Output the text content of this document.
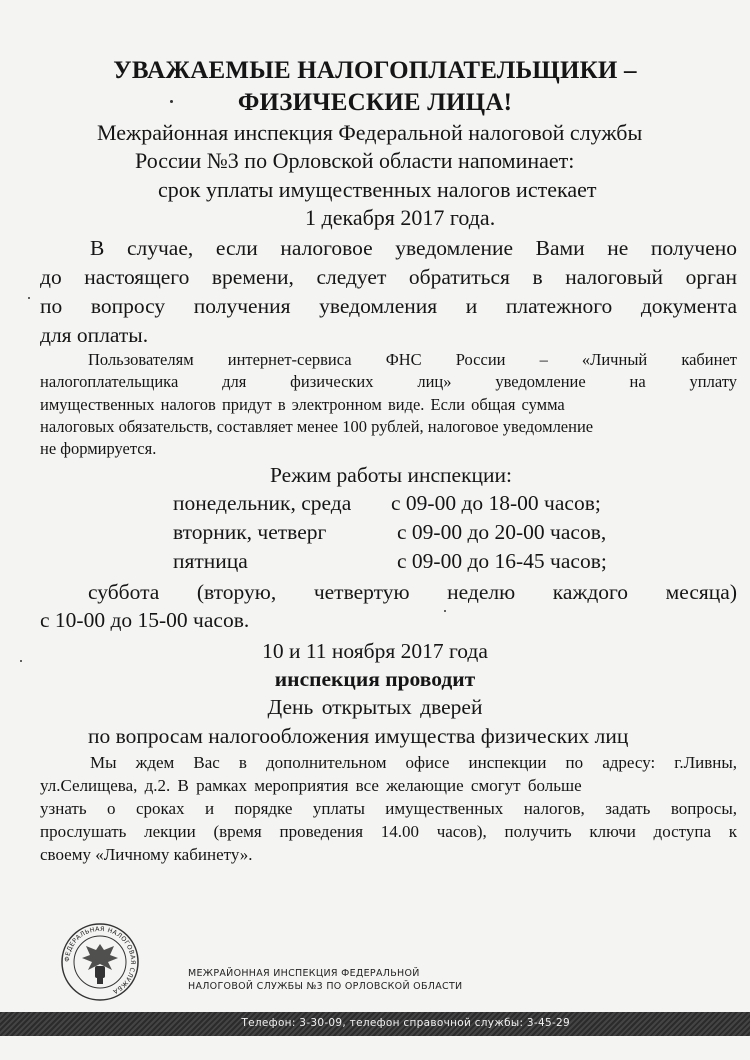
УВАЖАЕМЫЕ НАЛОГОПЛАТЕЛЬЩИКИ –

ФИЗИЧЕСКИЕ ЛИЦА!

Межрайонная инспекция Федеральной налоговой службы

России №3 по Орловской области напоминает:

срок уплаты имущественных налогов истекает

1 декабря 2017 года.

В случае, если налоговое уведомление Вами не получено

до настоящего времени, следует обратиться в налоговый орган

по вопросу получения уведомления и платежного документа

для оплаты.

Пользователям интернет-сервиса ФНС России – «Личный кабинет

налогоплательщика для физических лиц» уведомление на уплату

имущественных налогов придут в электронном виде. Если общая сумма

налоговых обязательств, составляет менее 100 рублей, налоговое уведомление

не формируется.

Режим работы инспекции:

понедельник, среда с 09-00 до 18-00 часов;

вторник, четверг	с 09-00 до 20-00 часов,

пятница	с 09-00 до 16-45 часов;

суббота (вторую, четвертую неделю каждого месяца)

с 10-00 до 15-00 часов.

10 и 11 ноября 2017 года

инспекция проводит

День открытых дверей

по вопросам налогообложения имущества физических лиц

Мы ждем Вас в дополнительном офисе инспекции по адресу: г.Ливны,

ул.Селищева, д.2. В рамках мероприятия все желающие смогут больше

узнать о сроках и порядке уплаты имущественных налогов, задать вопросы,

прослушать лекции (время проведения 14.00 часов), получить ключи доступа к

своему «Личному кабинету».

ФЕДЕРАЛЬНАЯ НАЛОГОВАЯ СЛУЖБА
МЕЖРАЙОННАЯ ИНСПЕКЦИЯ ФЕДЕРАЛЬНОЙ
НАЛОГОВОЙ СЛУЖБЫ №3 ПО ОРЛОВСКОЙ ОБЛАСТИ
Телефон: 3-30-09, телефон справочной службы: 3-45-29
